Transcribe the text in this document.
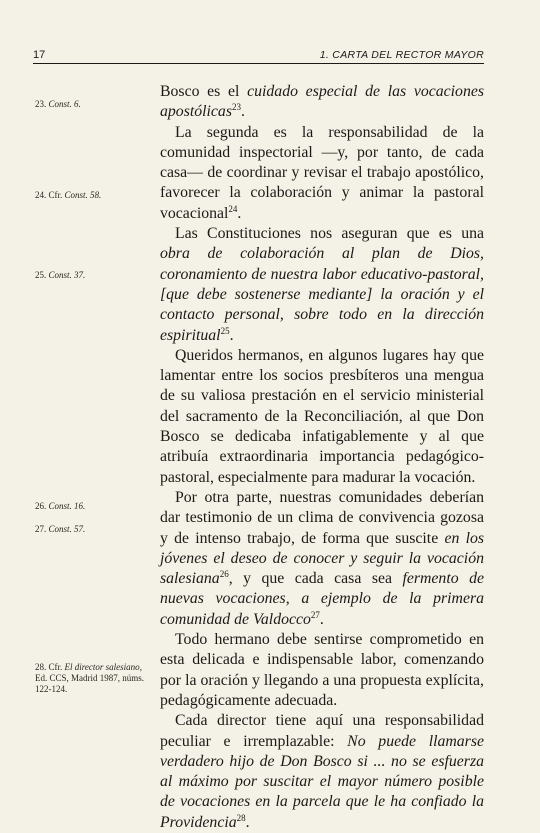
17	1. CARTA DEL RECTOR MAYOR
23. Const. 6.
24. Cfr. Const. 58.
25. Const. 37.
26. Const. 16.
27. Const. 57.
28. Cfr. El director salesiano, Ed. CCS, Madrid 1987, núms. 122-124.

Bosco es el cuidado especial de las vocaciones apostólicas$^{23}$.

La segunda es la responsabilidad de la comunidad inspectorial —y, por tanto, de cada casa— de coordinar y revisar el trabajo apostólico, favorecer la colaboración y animar la pastoral vocacional$^{24}$.

Las Constituciones nos aseguran que es una obra de colaboración al plan de Dios, coronamiento de nuestra labor educativo-pastoral, [que debe sostenerse mediante] la oración y el contacto personal, sobre todo en la dirección espiritual$^{25}$.

Queridos hermanos, en algunos lugares hay que lamentar entre los socios presbíteros una mengua de su valiosa prestación en el servicio ministerial del sacramento de la Reconciliación, al que Don Bosco se dedicaba infatigablemente y al que atribuía extraordinaria importancia pedagógico-pastoral, especialmente para madurar la vocación.

Por otra parte, nuestras comunidades deberían dar testimonio de un clima de convivencia gozosa y de intenso trabajo, de forma que suscite en los jóvenes el deseo de conocer y seguir la vocación salesiana$^{26}$, y que cada casa sea fermento de nuevas vocaciones, a ejemplo de la primera comunidad de Valdocco$^{27}$.

Todo hermano debe sentirse comprometido en esta delicada e indispensable labor, comenzando por la oración y llegando a una propuesta explícita, pedagógicamente adecuada.

Cada director tiene aquí una responsabilidad peculiar e irremplazable: No puede llamarse verdadero hijo de Don Bosco si ... no se esfuerza al máximo por suscitar el mayor número posible de vocaciones en la parcela que le ha confiado la Providencia$^{28}$.
